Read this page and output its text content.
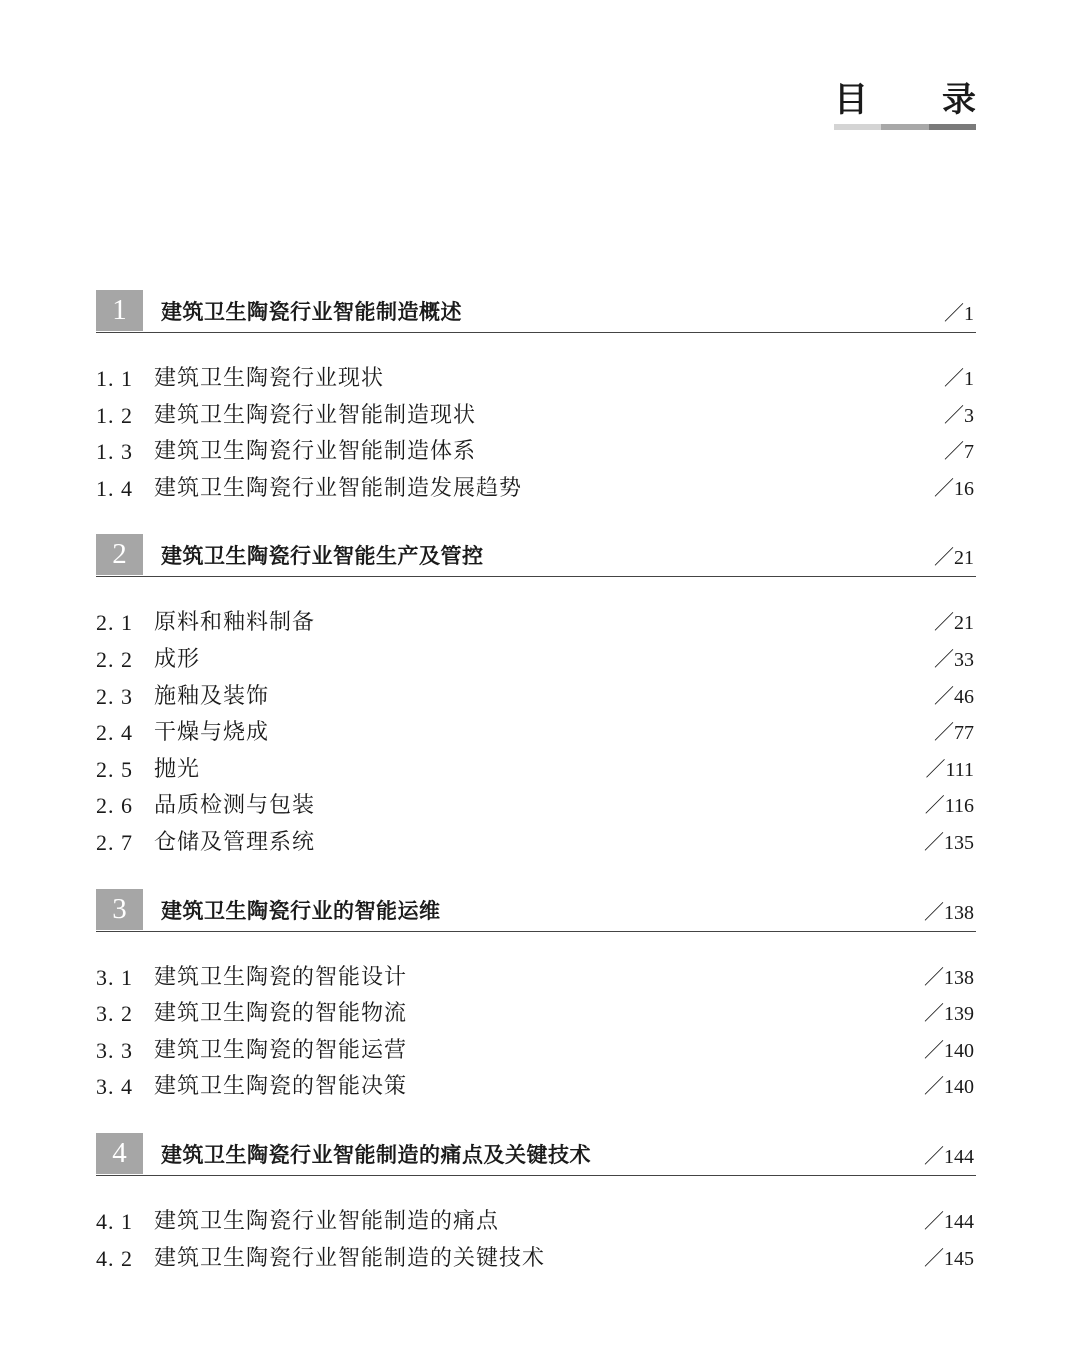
目 录
1	建筑卫生陶瓷行业智能制造概述	／1
1. 1 建筑卫生陶瓷行业现状	／1
1. 2 建筑卫生陶瓷行业智能制造现状	／3
1. 3 建筑卫生陶瓷行业智能制造体系	／7
1. 4 建筑卫生陶瓷行业智能制造发展趋势	／16
2	建筑卫生陶瓷行业智能生产及管控	／21
2. 1 原料和釉料制备	／21
2. 2 成形	／33
2. 3 施釉及装饰	／46
2. 4 干燥与烧成	／77
2. 5 抛光	／111
2. 6 品质检测与包装	／116
2. 7 仓储及管理系统	／135
3	建筑卫生陶瓷行业的智能运维	／138
3. 1 建筑卫生陶瓷的智能设计	／138
3. 2 建筑卫生陶瓷的智能物流	／139
3. 3 建筑卫生陶瓷的智能运营	／140
3. 4 建筑卫生陶瓷的智能决策	／140
4	建筑卫生陶瓷行业智能制造的痛点及关键技术	／144
4. 1 建筑卫生陶瓷行业智能制造的痛点	／144
4. 2 建筑卫生陶瓷行业智能制造的关键技术	／145
